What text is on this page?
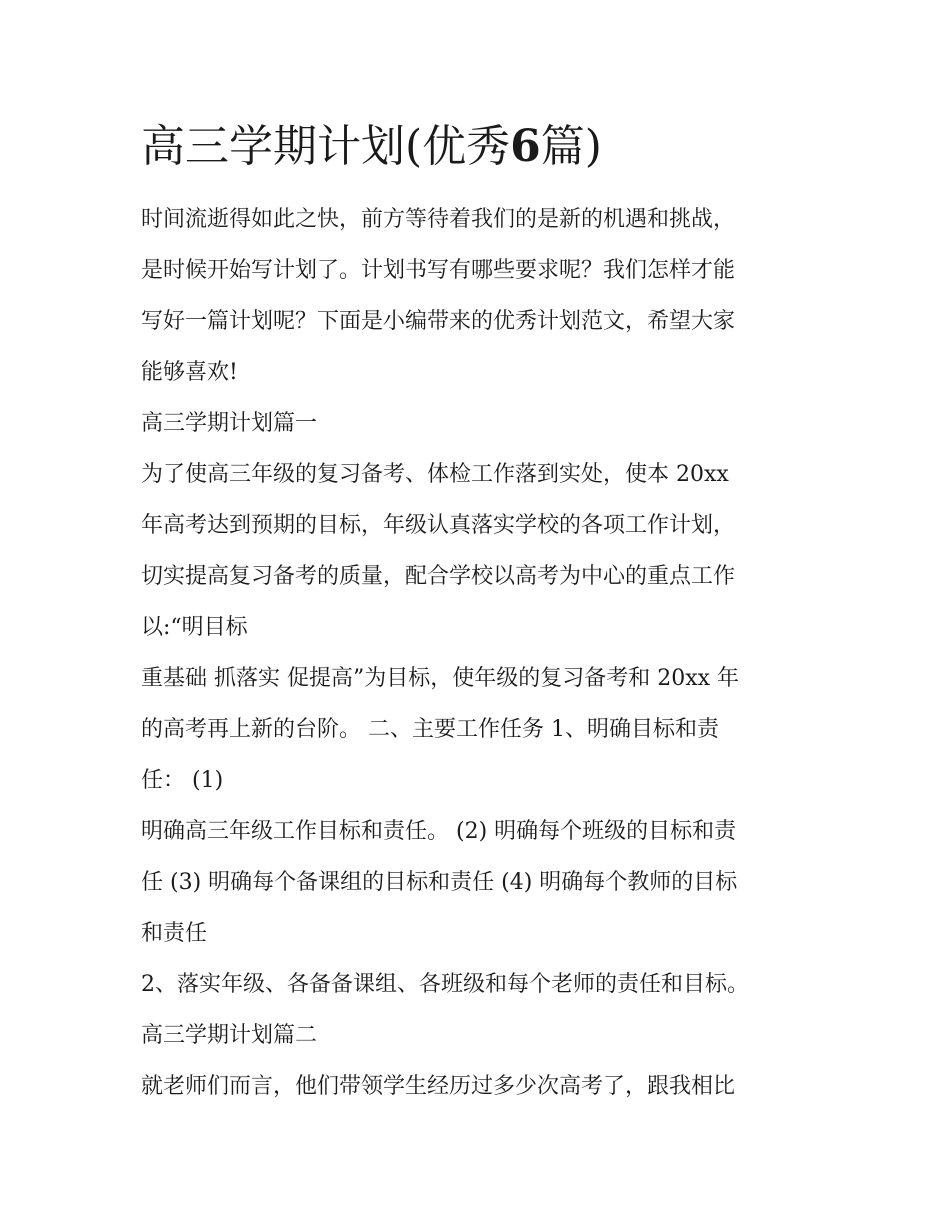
高三学期计划(优秀6篇)
时间流逝得如此之快，前方等待着我们的是新的机遇和挑战，
是时候开始写计划了。计划书写有哪些要求呢？我们怎样才能
写好一篇计划呢？下面是小编带来的优秀计划范文，希望大家
能够喜欢!
高三学期计划篇一
为了使高三年级的复习备考、体检工作落到实处，使本 20xx
年高考达到预期的目标，年级认真落实学校的各项工作计划，
切实提高复习备考的质量，配合学校以高考为中心的重点工作
以:“明目标
重基础 抓落实 促提高”为目标，使年级的复习备考和 20xx 年
的高考再上新的台阶。 二、主要工作任务 1、明确目标和责
任： (1)
明确高三年级工作目标和责任。 (2) 明确每个班级的目标和责
任 (3) 明确每个备课组的目标和责任 (4) 明确每个教师的目标
和责任
2、落实年级、各备备课组、各班级和每个老师的责任和目标。
高三学期计划篇二
就老师们而言，他们带领学生经历过多少次高考了，跟我相比
